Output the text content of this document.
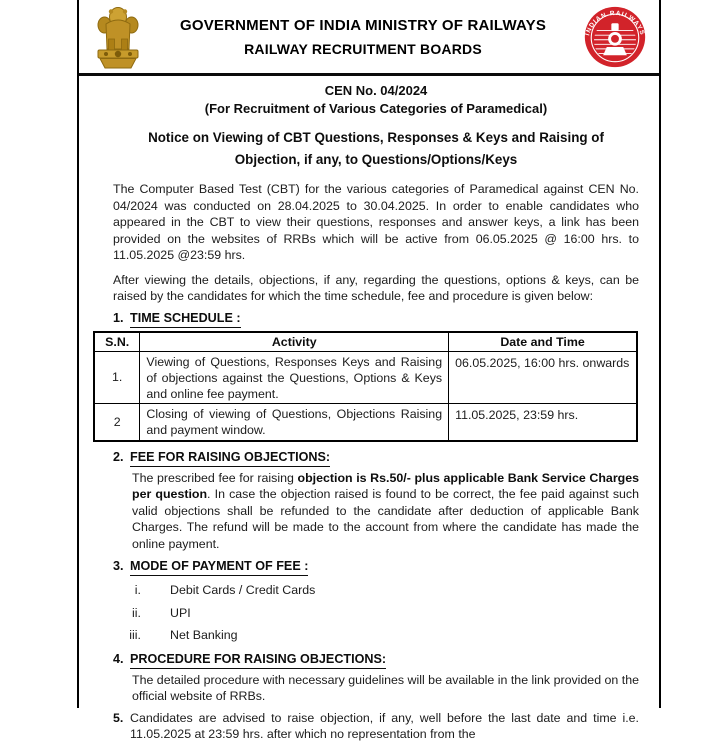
GOVERNMENT OF INDIA MINISTRY OF RAILWAYS
RAILWAY RECRUITMENT BOARDS
INDIAN RAILWAYS
CEN No. 04/2024
(For Recruitment of Various Categories of Paramedical)
Notice on Viewing of CBT Questions, Responses & Keys and Raising of
Objection, if any, to Questions/Options/Keys

The Computer Based Test (CBT) for the various categories of Paramedical against CEN No. 04/2024 was conducted on 28.04.2025 to 30.04.2025. In order to enable candidates who appeared in the CBT to view their questions, responses and answer keys, a link has been provided on the websites of RRBs which will be active from 06.05.2025 @ 16:00 hrs. to 11.05.2025 @23:59 hrs.

After viewing the details, objections, if any, regarding the questions, options & keys, can be raised by the candidates for which the time schedule, fee and procedure is given below:

1. TIME SCHEDULE :
S.N.	Activity	Date and Time
1.	Viewing of Questions, Responses Keys and Raising of objections against the Questions, Options & Keys and online fee payment.	06.05.2025, 16:00 hrs. onwards
2	Closing of viewing of Questions, Objections Raising and payment window.	11.05.2025, 23:59 hrs.
2. FEE FOR RAISING OBJECTIONS:

The prescribed fee for raising objection is Rs.50/- plus applicable Bank Service Charges per question. In case the objection raised is found to be correct, the fee paid against such valid objections shall be refunded to the candidate after deduction of applicable Bank Charges. The refund will be made to the account from where the candidate has made the online payment.

3. MODE OF PAYMENT OF FEE :
i. Debit Cards / Credit Cards
ii. UPI
iii. Net Banking
4. PROCEDURE FOR RAISING OBJECTIONS:

The detailed procedure with necessary guidelines will be available in the link provided on the official website of RRBs.

5. Candidates are advised to raise objection, if any, well before the last date and time i.e. 11.05.2025 at 23:59 hrs. after which no representation from the
